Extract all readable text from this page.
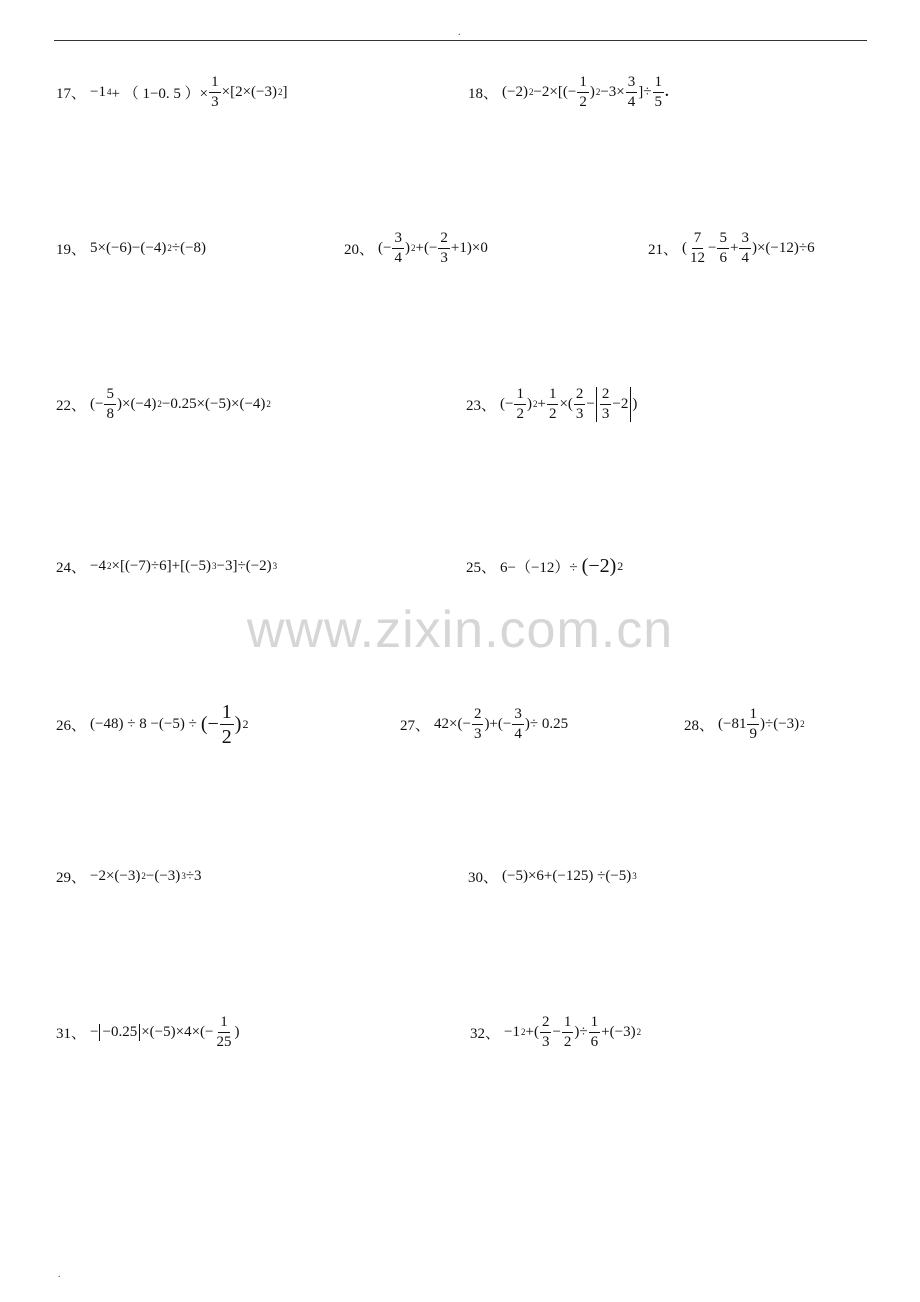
.
www.zixin.com.cn
17、 −1 4 + （ 1−0. 5 ）× $\frac{1}{3} \times[2\times(-3)$ 2 ]	18、 (−2) $2 -2\times[(- \frac{1}{2}$ ) $2 -3\times \frac{3}{4}$ ]÷ $\frac{1}{5}$ .
19、 5×(−6)−(−4) 2 ÷(−8)	20、 (− $\frac{3}{4}$ ) 2 +(− $\frac{2}{3} +1)\times 0$	21、 ( $\frac{7}{12} - \frac{5}{6} + \frac{3}{4} )\times(-12)\div 6$
22、 (− $\frac{5}{8} )\times(-4)$ 2 −0.25×(−5)×(−4) 2	23、 (− $\frac{1}{2}$ ) $2 + \frac{1}{2}$ ×( $\frac{2}{3} - \frac{2}{3} -2$ )
24、 −4 2 ×[(−7)÷6]+[(−5) 3 −3]÷(−2) 3	25、 6−（−12）÷ (−2) 2
26、 (−48) ÷ 8 −(−5) ÷ (− $\frac{1}{2}$ ) 2	27、 $42\times(- \frac{2}{3}$ )+(− $\frac{3}{4}$ )÷ 0.25	28、 $(-81 \frac{1}{9} )\div(-3)$ 2
29、 −2×(−3) 2 −(−3) 3 ÷3	30、 (−5)×6+(−125) ÷(−5) 3
31、 − $-0.25 \times(-5)\times 4\times(- \frac{1}{25}$ )	32、 −1 2 +( $\frac{2}{3} - \frac{1}{2}$ )÷ $\frac{1}{6} +(-3)$ 2
.
